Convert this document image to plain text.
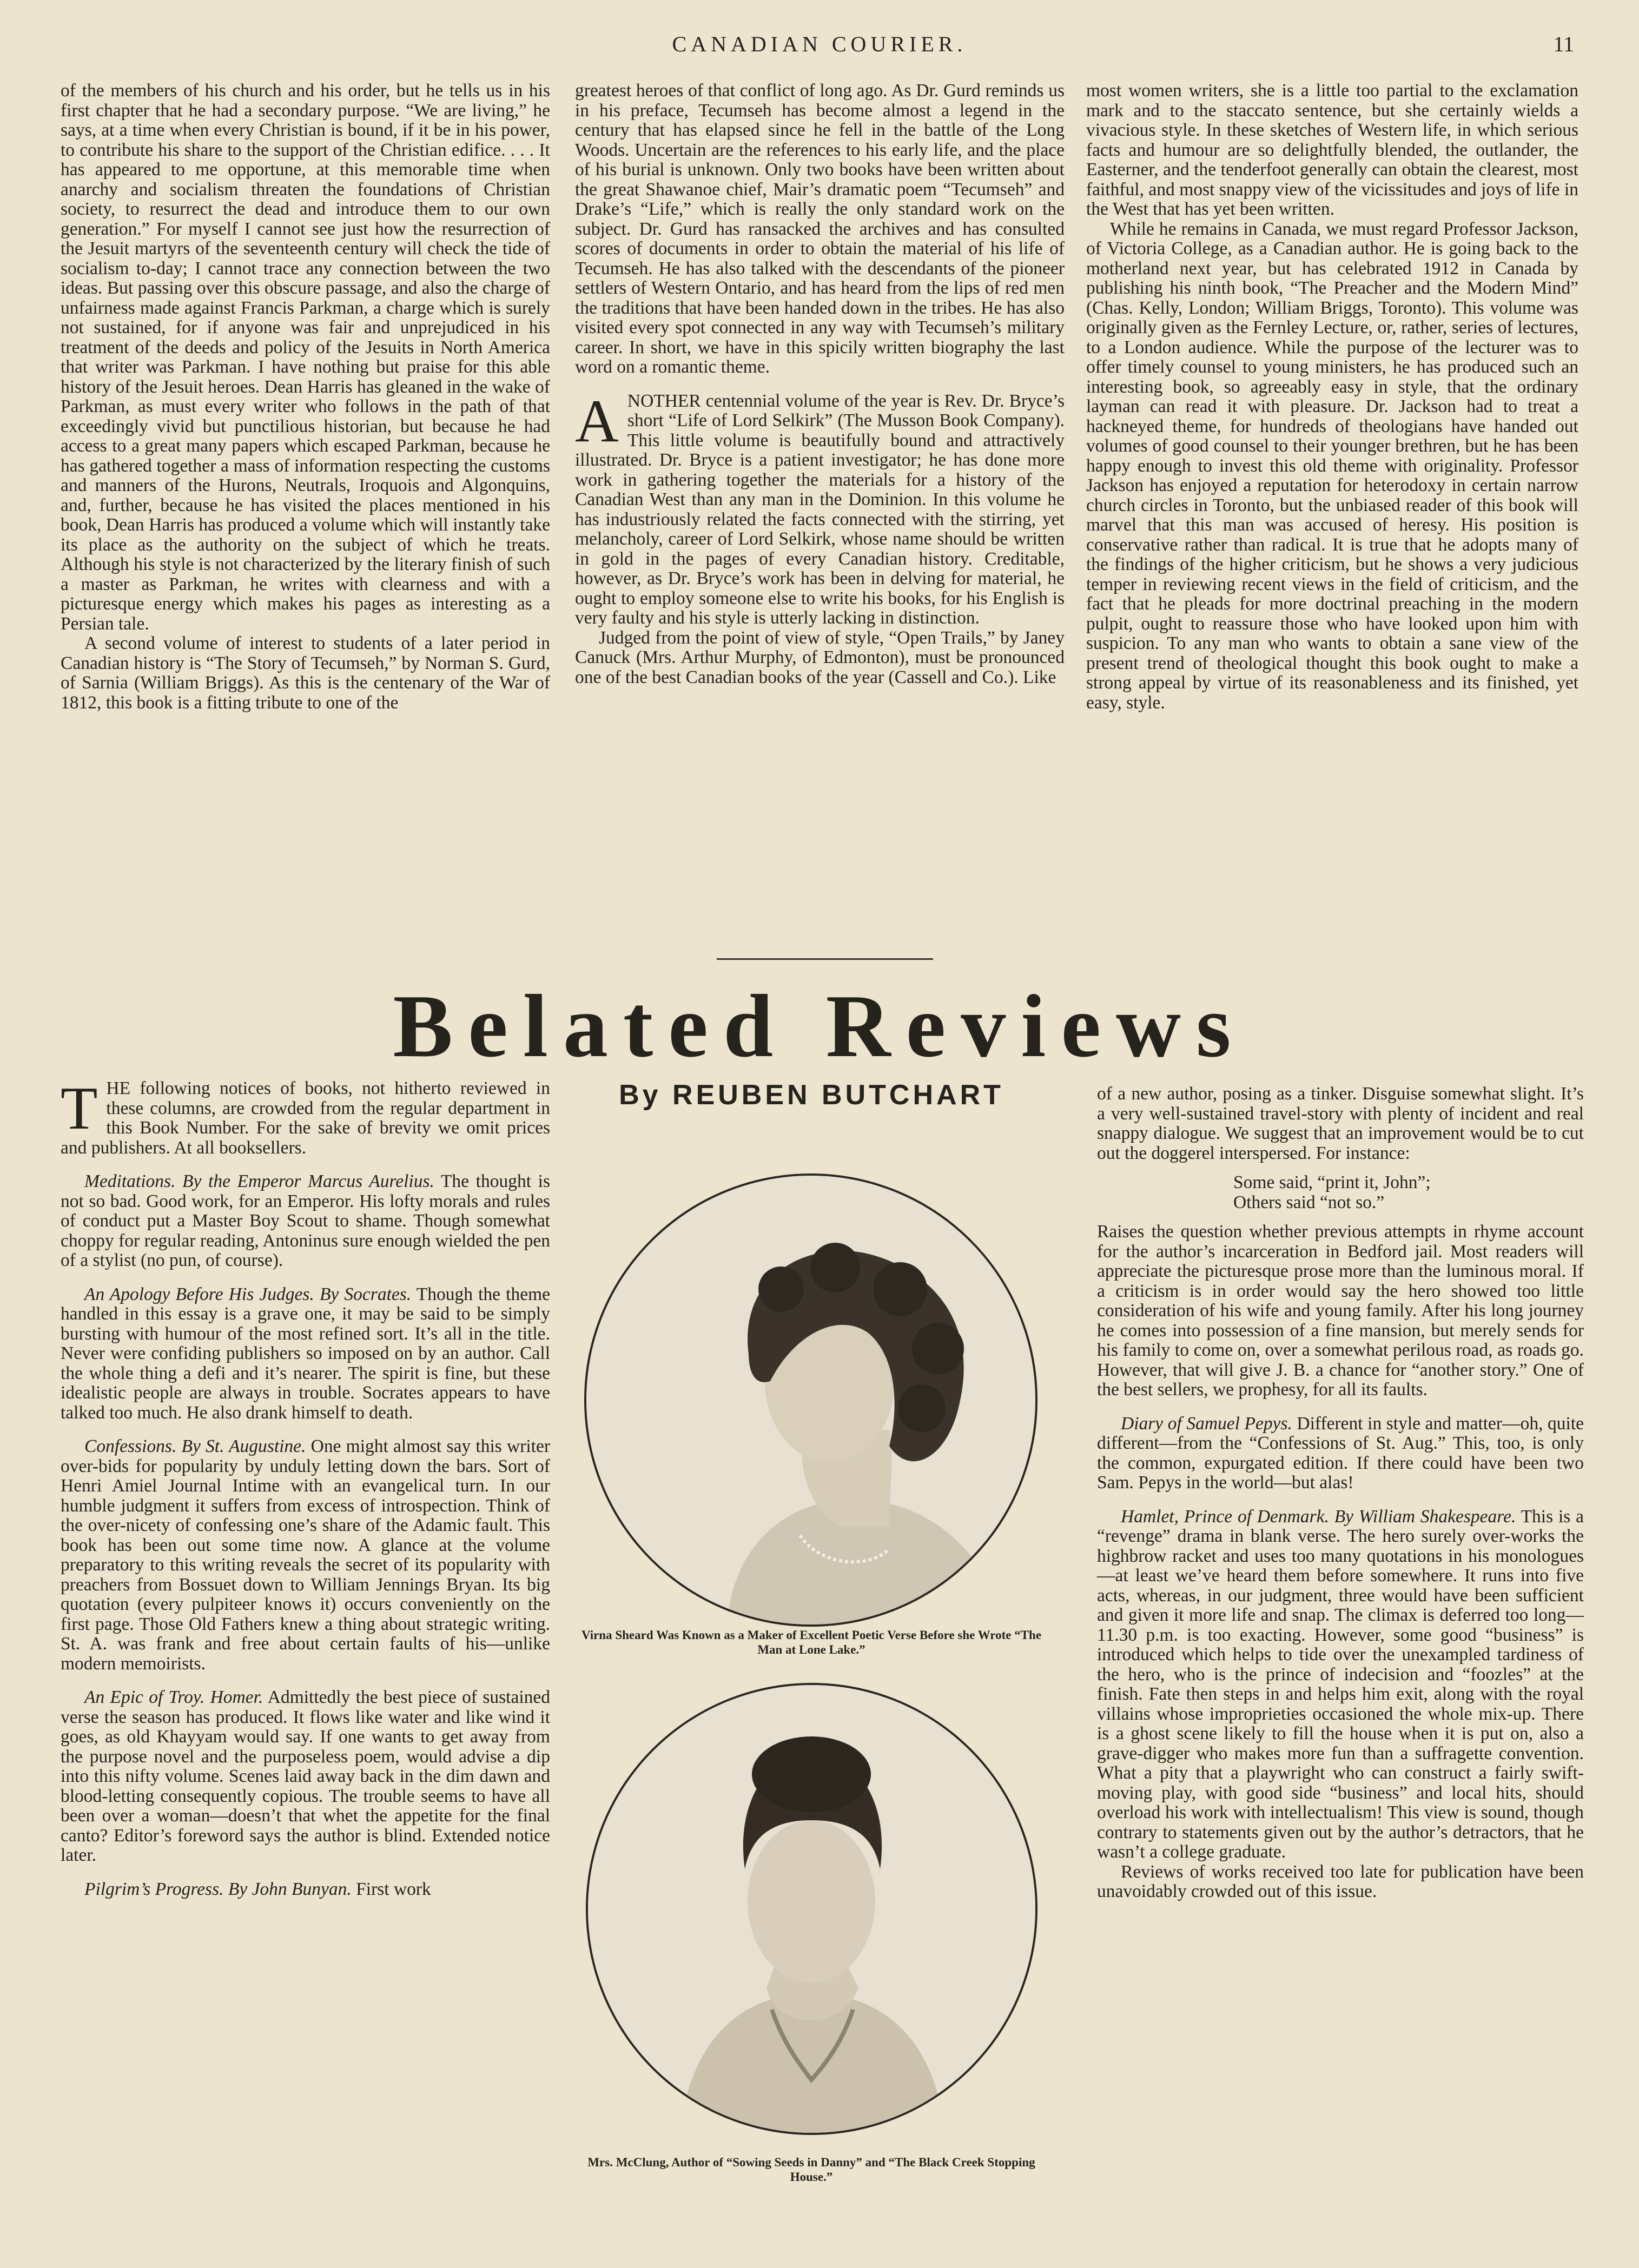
CANADIAN COURIER.	11

of the members of his church and his order, but he tells us in his first chapter that he had a secondary purpose. “We are living,” he says, at a time when every Christian is bound, if it be in his power, to contribute his share to the support of the Christian edifice. . . . It has appeared to me opportune, at this memorable time when anarchy and socialism threaten the foundations of Christian society, to resurrect the dead and introduce them to our own generation.” For myself I cannot see just how the resurrection of the Jesuit martyrs of the seventeenth century will check the tide of socialism to-day; I cannot trace any connection between the two ideas. But passing over this obscure passage, and also the charge of unfairness made against Francis Parkman, a charge which is surely not sustained, for if anyone was fair and unprejudiced in his treatment of the deeds and policy of the Jesuits in North America that writer was Parkman. I have nothing but praise for this able history of the Jesuit heroes. Dean Harris has gleaned in the wake of Parkman, as must every writer who follows in the path of that exceedingly vivid but punctilious historian, but because he had access to a great many papers which escaped Parkman, because he has gathered together a mass of information respecting the customs and manners of the Hurons, Neutrals, Iroquois and Algonquins, and, further, because he has visited the places mentioned in his book, Dean Harris has produced a volume which will instantly take its place as the authority on the subject of which he treats. Although his style is not characterized by the literary finish of such a master as Parkman, he writes with clearness and with a picturesque energy which makes his pages as interesting as a Persian tale.

A second volume of interest to students of a later period in Canadian history is “The Story of Tecumseh,” by Norman S. Gurd, of Sarnia (William Briggs). As this is the centenary of the War of 1812, this book is a fitting tribute to one of the

greatest heroes of that conflict of long ago. As Dr. Gurd reminds us in his preface, Tecumseh has become almost a legend in the century that has elapsed since he fell in the battle of the Long Woods. Uncertain are the references to his early life, and the place of his burial is unknown. Only two books have been written about the great Shawanoe chief, Mair’s dramatic poem “Tecumseh” and Drake’s “Life,” which is really the only standard work on the subject. Dr. Gurd has ransacked the archives and has consulted scores of documents in order to obtain the material of his life of Tecumseh. He has also talked with the descendants of the pioneer settlers of Western Ontario, and has heard from the lips of red men the traditions that have been handed down in the tribes. He has also visited every spot connected in any way with Tecumseh’s military career. In short, we have in this spicily written biography the last word on a romantic theme.

ANOTHER centennial volume of the year is Rev. Dr. Bryce’s short “Life of Lord Selkirk” (The Musson Book Company). This little volume is beautifully bound and attractively illustrated. Dr. Bryce is a patient investigator; he has done more work in gathering together the materials for a history of the Canadian West than any man in the Dominion. In this volume he has industriously related the facts connected with the stirring, yet melancholy, career of Lord Selkirk, whose name should be written in gold in the pages of every Canadian history. Creditable, however, as Dr. Bryce’s work has been in delving for material, he ought to employ someone else to write his books, for his English is very faulty and his style is utterly lacking in distinction.

Judged from the point of view of style, “Open Trails,” by Janey Canuck (Mrs. Arthur Murphy, of Edmonton), must be pronounced one of the best Canadian books of the year (Cassell and Co.). Like

most women writers, she is a little too partial to the exclamation mark and to the staccato sentence, but she certainly wields a vivacious style. In these sketches of Western life, in which serious facts and humour are so delightfully blended, the outlander, the Easterner, and the tenderfoot generally can obtain the clearest, most faithful, and most snappy view of the vicissitudes and joys of life in the West that has yet been written.

While he remains in Canada, we must regard Professor Jackson, of Victoria College, as a Canadian author. He is going back to the motherland next year, but has celebrated 1912 in Canada by publishing his ninth book, “The Preacher and the Modern Mind” (Chas. Kelly, London; William Briggs, Toronto). This volume was originally given as the Fernley Lecture, or, rather, series of lectures, to a London audience. While the purpose of the lecturer was to offer timely counsel to young ministers, he has produced such an interesting book, so agreeably easy in style, that the ordinary layman can read it with pleasure. Dr. Jackson had to treat a hackneyed theme, for hundreds of theologians have handed out volumes of good counsel to their younger brethren, but he has been happy enough to invest this old theme with originality. Professor Jackson has enjoyed a reputation for heterodoxy in certain narrow church circles in Toronto, but the unbiased reader of this book will marvel that this man was accused of heresy. His position is conservative rather than radical. It is true that he adopts many of the findings of the higher criticism, but he shows a very judicious temper in reviewing recent views in the field of criticism, and the fact that he pleads for more doctrinal preaching in the modern pulpit, ought to reassure those who have looked upon him with suspicion. To any man who wants to obtain a sane view of the present trend of theological thought this book ought to make a strong appeal by virtue of its reasonableness and its finished, yet easy, style.

Belated Reviews
By REUBEN BUTCHART

THE following notices of books, not hitherto reviewed in these columns, are crowded from the regular department in this Book Number. For the sake of brevity we omit prices and publishers. At all booksellers.

Meditations. By the Emperor Marcus Aurelius. The thought is not so bad. Good work, for an Emperor. His lofty morals and rules of conduct put a Master Boy Scout to shame. Though somewhat choppy for regular reading, Antoninus sure enough wielded the pen of a stylist (no pun, of course).

An Apology Before His Judges. By Socrates. Though the theme handled in this essay is a grave one, it may be said to be simply bursting with humour of the most refined sort. It’s all in the title. Never were confiding publishers so imposed on by an author. Call the whole thing a defi and it’s nearer. The spirit is fine, but these idealistic people are always in trouble. Socrates appears to have talked too much. He also drank himself to death.

Confessions. By St. Augustine. One might almost say this writer over-bids for popularity by unduly letting down the bars. Sort of Henri Amiel Journal Intime with an evangelical turn. In our humble judgment it suffers from excess of introspection. Think of the over-nicety of confessing one’s share of the Adamic fault. This book has been out some time now. A glance at the volume preparatory to this writing reveals the secret of its popularity with preachers from Bossuet down to William Jennings Bryan. Its big quotation (every pulpiteer knows it) occurs conveniently on the first page. Those Old Fathers knew a thing about strategic writing. St. A. was frank and free about certain faults of his—unlike modern memoirists.

An Epic of Troy. Homer. Admittedly the best piece of sustained verse the season has produced. It flows like water and like wind it goes, as old Khayyam would say. If one wants to get away from the purpose novel and the purposeless poem, would advise a dip into this nifty volume. Scenes laid away back in the dim dawn and blood-letting consequently copious. The trouble seems to have all been over a woman—doesn’t that whet the appetite for the final canto? Editor’s foreword says the author is blind. Extended notice later.

Pilgrim’s Progress. By John Bunyan. First work

Virna Sheard Was Known as a Maker of Excellent Poetic Verse Before she Wrote “The Man at Lone Lake.”
Mrs. McClung, Author of “Sowing Seeds in Danny” and “The Black Creek Stopping House.”

of a new author, posing as a tinker. Disguise somewhat slight. It’s a very well-sustained travel-story with plenty of incident and real snappy dialogue. We suggest that an improvement would be to cut out the doggerel interspersed. For instance:

Some said, “print it, John”;

Others said “not so.”

Raises the question whether previous attempts in rhyme account for the author’s incarceration in Bedford jail. Most readers will appreciate the picturesque prose more than the luminous moral. If a criticism is in order would say the hero showed too little consideration of his wife and young family. After his long journey he comes into possession of a fine mansion, but merely sends for his family to come on, over a somewhat perilous road, as roads go. However, that will give J. B. a chance for “another story.” One of the best sellers, we prophesy, for all its faults.

Diary of Samuel Pepys. Different in style and matter—oh, quite different—from the “Confessions of St. Aug.” This, too, is only the common, expurgated edition. If there could have been two Sam. Pepys in the world—but alas!

Hamlet, Prince of Denmark. By William Shakespeare. This is a “revenge” drama in blank verse. The hero surely over-works the highbrow racket and uses too many quotations in his monologues—at least we’ve heard them before somewhere. It runs into five acts, whereas, in our judgment, three would have been sufficient and given it more life and snap. The climax is deferred too long—11.30 p.m. is too exacting. However, some good “business” is introduced which helps to tide over the unexampled tardiness of the hero, who is the prince of indecision and “foozles” at the finish. Fate then steps in and helps him exit, along with the royal villains whose improprieties occasioned the whole mix-up. There is a ghost scene likely to fill the house when it is put on, also a grave-digger who makes more fun than a suffragette convention. What a pity that a playwright who can construct a fairly swift-moving play, with good side “business” and local hits, should overload his work with intellectualism! This view is sound, though contrary to statements given out by the author’s detractors, that he wasn’t a college graduate.

Reviews of works received too late for publication have been unavoidably crowded out of this issue.
